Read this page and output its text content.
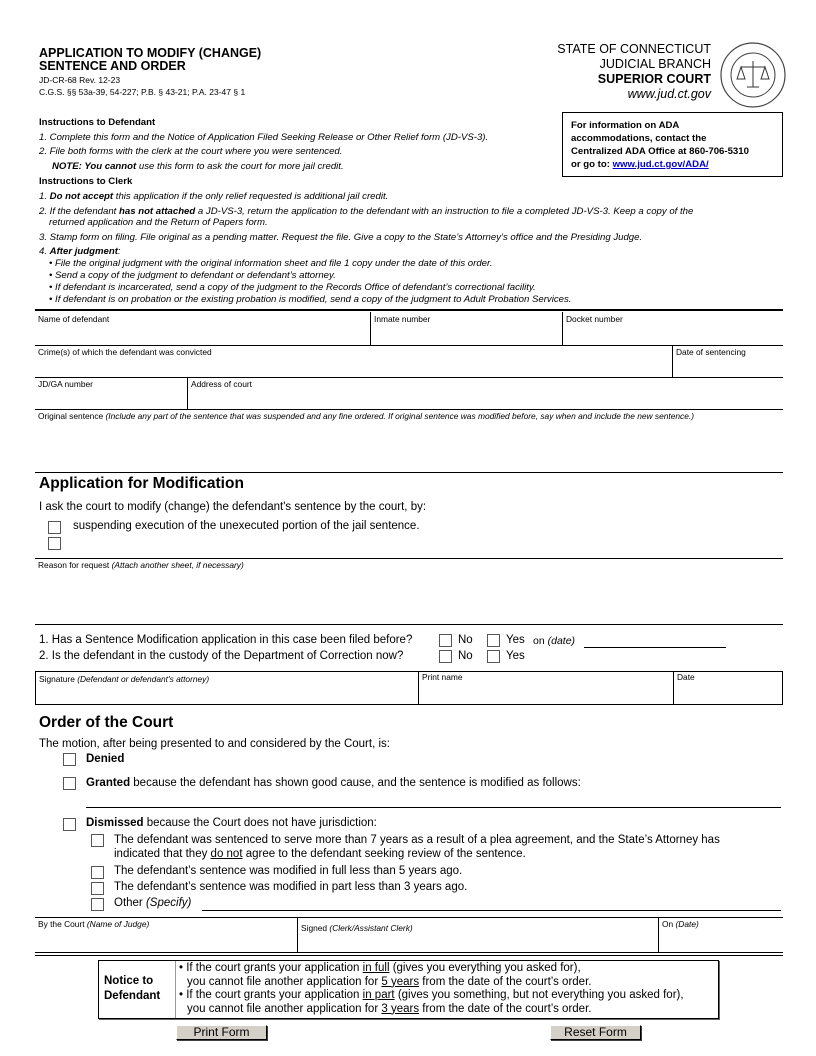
APPLICATION TO MODIFY (CHANGE)
SENTENCE AND ORDER
JD-CR-68 Rev. 12-23
C.G.S. §§ 53a-39, 54-227; P.B. § 43-21; P.A. 23-47 § 1
STATE OF CONNECTICUT
JUDICIAL BRANCH
SUPERIOR COURT
www.jud.ct.gov
For information on ADA
accommodations, contact the
Centralized ADA Office at 860-706-5310
or go to: www.jud.ct.gov/ADA/
Instructions to Defendant
1. Complete this form and the Notice of Application Filed Seeking Release or Other Relief form (JD-VS-3).
2. File both forms with the clerk at the court where you were sentenced.
NOTE: You cannot use this form to ask the court for more jail credit.
Instructions to Clerk
1. Do not accept this application if the only relief requested is additional jail credit.
2. If the defendant has not attached a JD-VS-3, return the application to the defendant with an instruction to file a completed JD-VS-3. Keep a copy of the
returned application and the Return of Papers form.
3. Stamp form on filing. File original as a pending matter. Request the file. Give a copy to the State’s Attorney’s office and the Presiding Judge.
4. After judgment:
• File the original judgment with the original information sheet and file 1 copy under the date of this order.
• Send a copy of the judgment to defendant or defendant’s attorney.
• If defendant is incarcerated, send a copy of the judgment to the Records Office of defendant’s correctional facility.
• If defendant is on probation or the existing probation is modified, send a copy of the judgment to Adult Probation Services.
Name of defendant	Inmate number	Docket number
Crime(s) of which the defendant was convicted	Date of sentencing
JD/GA number	Address of court
Original sentence (Include any part of the sentence that was suspended and any fine ordered. If original sentence was modified before, say when and include the new sentence.)
Application for Modification
I ask the court to modify (change) the defendant's sentence by the court, by:
suspending execution of the unexecuted portion of the jail sentence.
Reason for request (Attach another sheet, if necessary)
1. Has a Sentence Modification application in this case been filed before?	No	Yes on (date)
2. Is the defendant in the custody of the Department of Correction now?	No	Yes
Signature (Defendant or defendant's attorney)	Print name	Date
Order of the Court
The motion, after being presented to and considered by the Court, is:
Denied
Granted because the defendant has shown good cause, and the sentence is modified as follows:
Dismissed because the Court does not have jurisdiction:
The defendant was sentenced to serve more than 7 years as a result of a plea agreement, and the State’s Attorney has
indicated that they do not agree to the defendant seeking review of the sentence.
The defendant’s sentence was modified in full less than 5 years ago.
The defendant’s sentence was modified in part less than 3 years ago.
Other (Specify)
By the Court (Name of Judge)	Signed (Clerk/Assistant Clerk)	On (Date)
Notice to
Defendant
• If the court grants your application in full (gives you everything you asked for),
you cannot file another application for 5 years from the date of the court’s order.
• If the court grants your application in part (gives you something, but not everything you asked for),
you cannot file another application for 3 years from the date of the court’s order.
Print Form	Reset Form
